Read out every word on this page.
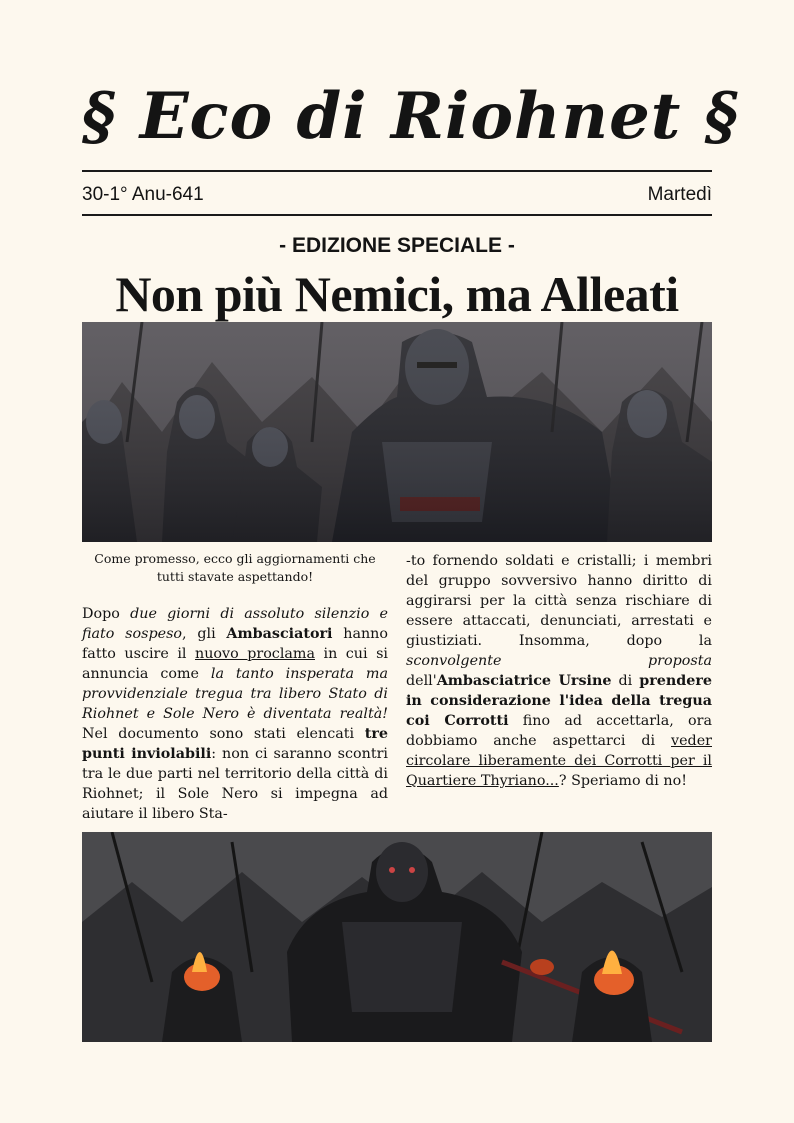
§ Eco di Riohnet §
30-1° Anu-641	Martedì
- EDIZIONE SPECIALE -
Non più Nemici, ma Alleati
Come promesso, ecco gli aggiornamenti che tutti stavate aspettando!

Dopo due giorni di assoluto silenzio e fiato sospeso, gli Ambasciatori hanno fatto uscire il nuovo proclama in cui si annuncia come la tanto insperata ma provvidenziale tregua tra libero Stato di Riohnet e Sole Nero è diventata realtà! Nel documento sono stati elencati tre punti inviolabili: non ci saranno scontri tra le due parti nel territorio della città di Riohnet; il Sole Nero si impegna ad aiutare il libero Sta-

-to fornendo soldati e cristalli; i membri del gruppo sovversivo hanno diritto di aggirarsi per la città senza rischiare di essere attaccati, denunciati, arrestati e giustiziati. Insomma, dopo la sconvolgente proposta dell'Ambasciatrice Ursine di prendere in considerazione l'idea della tregua coi Corrotti fino ad accettarla, ora dobbiamo anche aspettarci di veder circolare liberamente dei Corrotti per il Quartiere Thyriano...? Speriamo di no!
